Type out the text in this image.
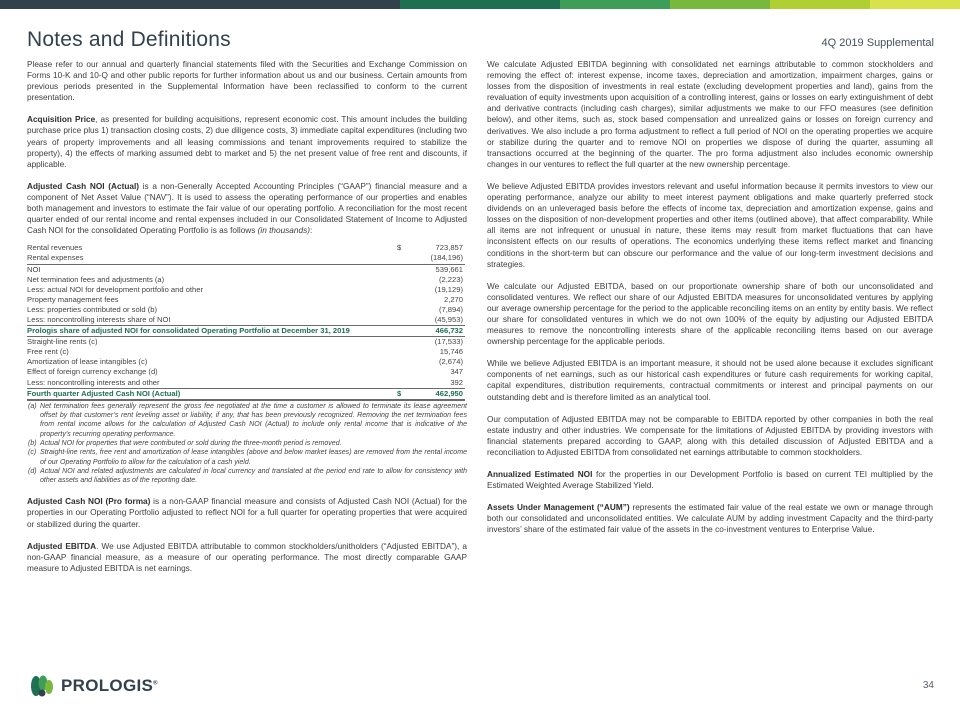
Notes and Definitions	4Q 2019 Supplemental

Please refer to our annual and quarterly financial statements filed with the Securities and Exchange Commission on Forms 10-K and 10-Q and other public reports for further information about us and our business. Certain amounts from previous periods presented in the Supplemental Information have been reclassified to conform to the current presentation.

Acquisition Price, as presented for building acquisitions, represent economic cost. This amount includes the building purchase price plus 1) transaction closing costs, 2) due diligence costs, 3) immediate capital expenditures (including two years of property improvements and all leasing commissions and tenant improvements required to stabilize the property), 4) the effects of marking assumed debt to market and 5) the net present value of free rent and discounts, if applicable.

Adjusted Cash NOI (Actual) is a non-Generally Accepted Accounting Principles (“GAAP”) financial measure and a component of Net Asset Value (“NAV”). It is used to assess the operating performance of our properties and enables both management and investors to estimate the fair value of our operating portfolio. A reconciliation for the most recent quarter ended of our rental income and rental expenses included in our Consolidated Statement of Income to Adjusted Cash NOI for the consolidated Operating Portfolio is as follows (in thousands):

Rental revenues	$	723,857
Rental expenses		(184,196)
NOI		539,661
Net termination fees and adjustments (a)		(2,223)
Less: actual NOI for development portfolio and other		(19,129)
Property management fees		2,270
Less: properties contributed or sold (b)		(7,894)
Less: noncontrolling interests share of NOI		(45,953)
Prologis share of adjusted NOI for consolidated Operating Portfolio at December 31, 2019		466,732
Straight-line rents (c)		(17,533)
Free rent (c)		15,746
Amortization of lease intangibles (c)		(2,674)
Effect of foreign currency exchange (d)		347
Less: noncontrolling interests and other		392
Fourth quarter Adjusted Cash NOI (Actual)	$	462,950
(a) Net termination fees generally represent the gross fee negotiated at the time a customer is allowed to terminate its lease agreement offset by that customer’s rent leveling asset or liability, if any, that has been previously recognized. Removing the net termination fees from rental income allows for the calculation of Adjusted Cash NOI (Actual) to include only rental income that is indicative of the property’s recurring operating performance.
(b) Actual NOI for properties that were contributed or sold during the three-month period is removed.
(c) Straight-line rents, free rent and amortization of lease intangibles (above and below market leases) are removed from the rental income of our Operating Portfolio to allow for the calculation of a cash yield.
(d) Actual NOI and related adjustments are calculated in local currency and translated at the period end rate to allow for consistency with other assets and liabilities as of the reporting date.

Adjusted Cash NOI (Pro forma) is a non-GAAP financial measure and consists of Adjusted Cash NOI (Actual) for the properties in our Operating Portfolio adjusted to reflect NOI for a full quarter for operating properties that were acquired or stabilized during the quarter.

Adjusted EBITDA. We use Adjusted EBITDA attributable to common stockholders/unitholders (“Adjusted EBITDA”), a non-GAAP financial measure, as a measure of our operating performance. The most directly comparable GAAP measure to Adjusted EBITDA is net earnings.

We calculate Adjusted EBITDA beginning with consolidated net earnings attributable to common stockholders and removing the effect of: interest expense, income taxes, depreciation and amortization, impairment charges, gains or losses from the disposition of investments in real estate (excluding development properties and land), gains from the revaluation of equity investments upon acquisition of a controlling interest, gains or losses on early extinguishment of debt and derivative contracts (including cash charges), similar adjustments we make to our FFO measures (see definition below), and other items, such as, stock based compensation and unrealized gains or losses on foreign currency and derivatives. We also include a pro forma adjustment to reflect a full period of NOI on the operating properties we acquire or stabilize during the quarter and to remove NOI on properties we dispose of during the quarter, assuming all transactions occurred at the beginning of the quarter. The pro forma adjustment also includes economic ownership changes in our ventures to reflect the full quarter at the new ownership percentage.

We believe Adjusted EBITDA provides investors relevant and useful information because it permits investors to view our operating performance, analyze our ability to meet interest payment obligations and make quarterly preferred stock dividends on an unleveraged basis before the effects of income tax, depreciation and amortization expense, gains and losses on the disposition of non-development properties and other items (outlined above), that affect comparability. While all items are not infrequent or unusual in nature, these items may result from market fluctuations that can have inconsistent effects on our results of operations. The economics underlying these items reflect market and financing conditions in the short-term but can obscure our performance and the value of our long-term investment decisions and strategies.

We calculate our Adjusted EBITDA, based on our proportionate ownership share of both our unconsolidated and consolidated ventures. We reflect our share of our Adjusted EBITDA measures for unconsolidated ventures by applying our average ownership percentage for the period to the applicable reconciling items on an entity by entity basis. We reflect our share for consolidated ventures in which we do not own 100% of the equity by adjusting our Adjusted EBITDA measures to remove the noncontrolling interests share of the applicable reconciling items based on our average ownership percentage for the applicable periods.

While we believe Adjusted EBITDA is an important measure, it should not be used alone because it excludes significant components of net earnings, such as our historical cash expenditures or future cash requirements for working capital, capital expenditures, distribution requirements, contractual commitments or interest and principal payments on our outstanding debt and is therefore limited as an analytical tool.

Our computation of Adjusted EBITDA may not be comparable to EBITDA reported by other companies in both the real estate industry and other industries. We compensate for the limitations of Adjusted EBITDA by providing investors with financial statements prepared according to GAAP, along with this detailed discussion of Adjusted EBITDA and a reconciliation to Adjusted EBITDA from consolidated net earnings attributable to common stockholders.

Annualized Estimated NOI for the properties in our Development Portfolio is based on current TEI multiplied by the Estimated Weighted Average Stabilized Yield.

Assets Under Management (“AUM”) represents the estimated fair value of the real estate we own or manage through both our consolidated and unconsolidated entities. We calculate AUM by adding investment Capacity and the third-party investors’ share of the estimated fair value of the assets in the co-investment ventures to Enterprise Value.

PROLOGIS®	34
